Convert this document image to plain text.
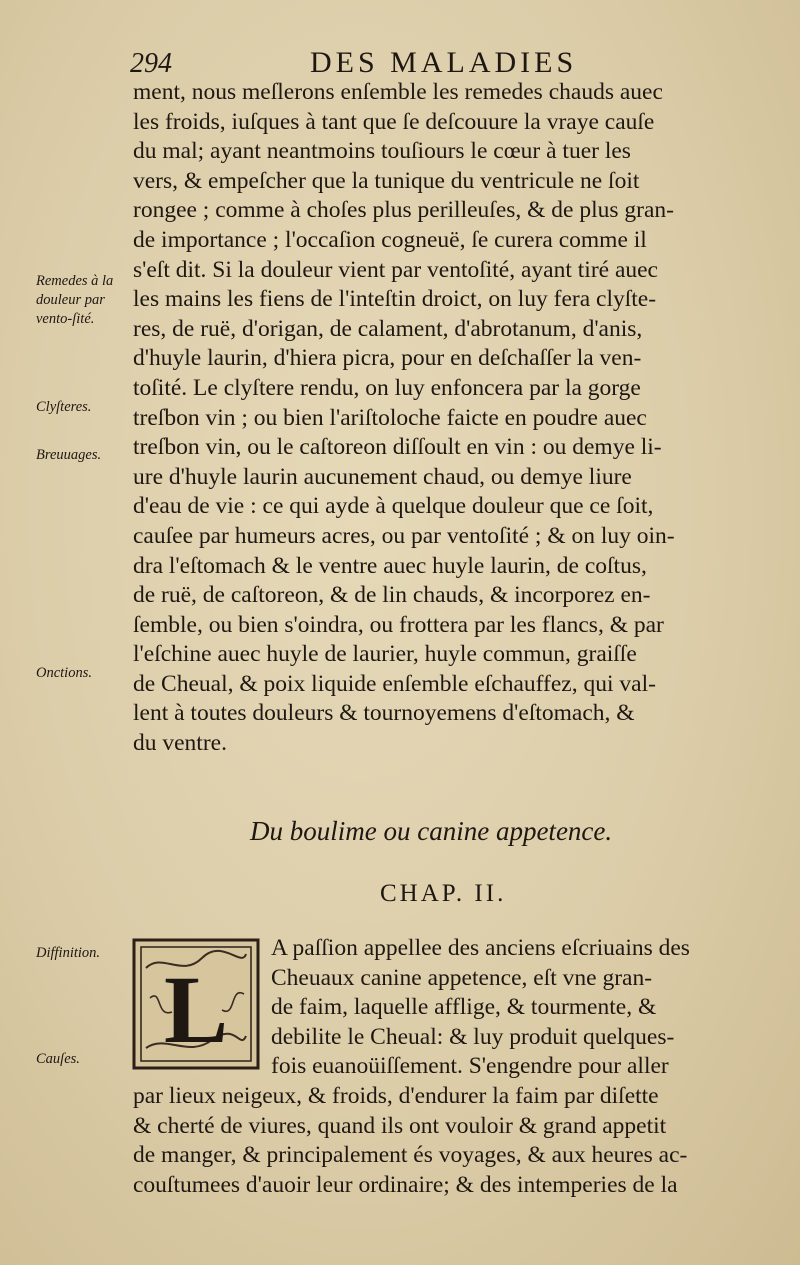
294	DES MALADIES
ment, nous meſlerons enſemble les remedes chauds auec
les froids, iuſques à tant que ſe deſcouure la vraye cauſe
du mal; ayant neantmoins touſiours le cœur à tuer les
vers, & empeſcher que la tunique du ventricule ne ſoit
rongee ; comme à choſes plus perilleuſes, & de plus gran-
de importance ; l'occaſion cogneuë, ſe curera comme il
s'eſt dit. Si la douleur vient par ventoſité, ayant tiré auec
les mains les fiens de l'inteſtin droict, on luy fera clyſte-
res, de ruë, d'origan, de calament, d'abrotanum, d'anis,
d'huyle laurin, d'hiera picra, pour en deſchaſſer la ven-
toſité. Le clyſtere rendu, on luy enfoncera par la gorge
treſbon vin ; ou bien l'ariſtoloche faicte en poudre auec
treſbon vin, ou le caſtoreon diſſoult en vin : ou demye li-
ure d'huyle laurin aucunement chaud, ou demye liure
d'eau de vie : ce qui ayde à quelque douleur que ce ſoit,
cauſee par humeurs acres, ou par ventoſité ; & on luy oin-
dra l'eſtomach & le ventre auec huyle laurin, de coſtus,
de ruë, de caſtoreon, & de lin chauds, & incorporez en-
ſemble, ou bien s'oindra, ou frottera par les flancs, & par
l'eſchine auec huyle de laurier, huyle commun, graiſſe
de Cheual, & poix liquide enſemble eſchauffez, qui val-
lent à toutes douleurs & tournoyemens d'eſtomach, &
du ventre.
Remedes à la douleur par vento-ſité.
Clyſteres.
Breuuages.
Onctions.
Diffinition.
Cauſes.
Du boulime ou canine appetence.
CHAP. II.
L
A paſſion appellee des anciens eſcriuains des
Cheuaux canine appetence, eſt vne gran-
de faim, laquelle afflige, & tourmente, &
debilite le Cheual: & luy produit quelques-
fois euanoüiſſement. S'engendre pour aller
par lieux neigeux, & froids, d'endurer la faim par diſette
& cherté de viures, quand ils ont vouloir & grand appetit
de manger, & principalement és voyages, & aux heures ac-
couſtumees d'auoir leur ordinaire; & des intemperies de la
